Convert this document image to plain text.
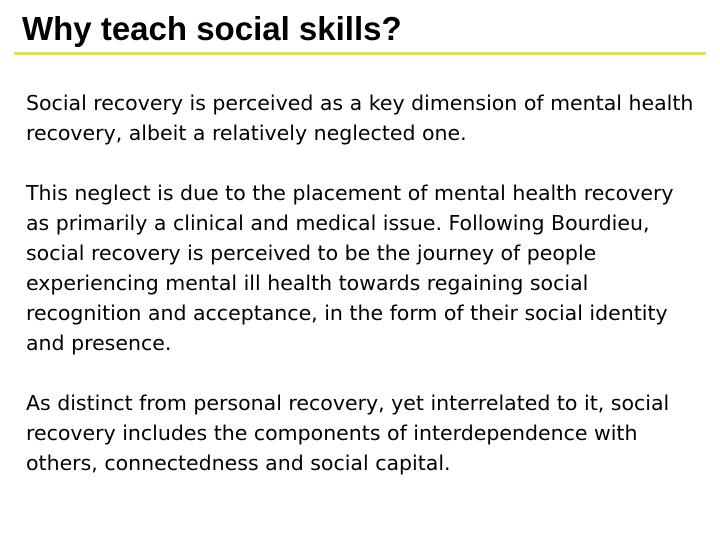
Why teach social skills?

Social recovery is perceived as a key dimension of mental health recovery, albeit a relatively neglected one.

This neglect is due to the placement of mental health recovery as primarily a clinical and medical issue. Following Bourdieu, social recovery is perceived to be the journey of people experiencing mental ill health towards regaining social recognition and acceptance, in the form of their social identity and presence.

As distinct from personal recovery, yet interrelated to it, social recovery includes the components of interdependence with others, connectedness and social capital.
